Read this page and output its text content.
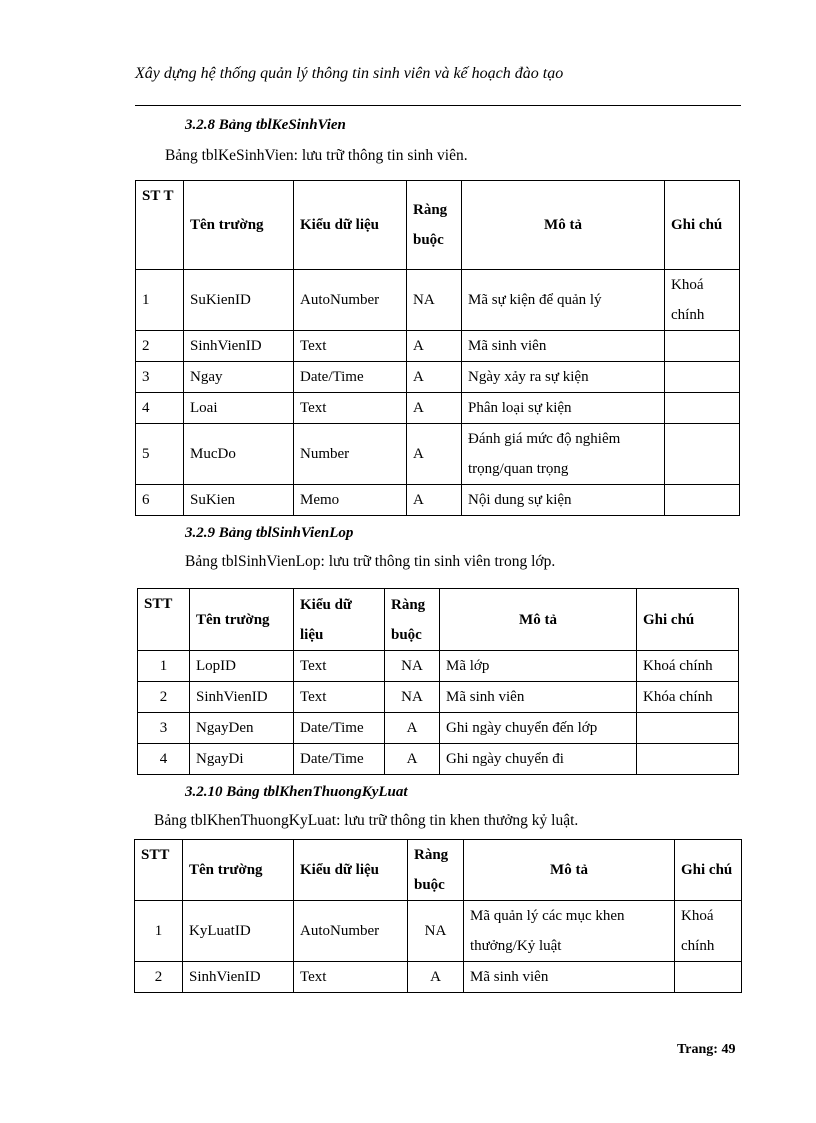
Xây dựng hệ thống quản lý thông tin sinh viên và kế hoạch đào tạo
3.2.8 Bảng tblKeSinhVien
Bảng tblKeSinhVien: lưu trữ thông tin sinh viên.
ST T	Tên trường	Kiểu dữ liệu	Ràng buộc	Mô tả	Ghi chú
1	SuKienID	AutoNumber	NA	Mã sự kiện để quản lý	Khoá chính
2	SinhVienID	Text	A	Mã sinh viên	
3	Ngay	Date/Time	A	Ngày xảy ra sự kiện	
4	Loai	Text	A	Phân loại sự kiện	
5	MucDo	Number	A	Đánh giá mức độ nghiêm trọng/quan trọng	
6	SuKien	Memo	A	Nội dung sự kiện	
3.2.9 Bảng tblSinhVienLop
Bảng tblSinhVienLop: lưu trữ thông tin sinh viên trong lớp.
STT	Tên trường	Kiểu dữ liệu	Ràng buộc	Mô tả	Ghi chú
1	LopID	Text	NA	Mã lớp	Khoá chính
2	SinhVienID	Text	NA	Mã sinh viên	Khóa chính
3	NgayDen	Date/Time	A	Ghi ngày chuyển đến lớp	
4	NgayDi	Date/Time	A	Ghi ngày chuyển đi	
3.2.10 Bảng tblKhenThuongKyLuat
Bảng tblKhenThuongKyLuat: lưu trữ thông tin khen thưởng kỷ luật.
STT	Tên trường	Kiểu dữ liệu	Ràng buộc	Mô tả	Ghi chú
1	KyLuatID	AutoNumber	NA	Mã quản lý các mục khen thưởng/Kỷ luật	Khoá chính
2	SinhVienID	Text	A	Mã sinh viên	
Trang: 49
